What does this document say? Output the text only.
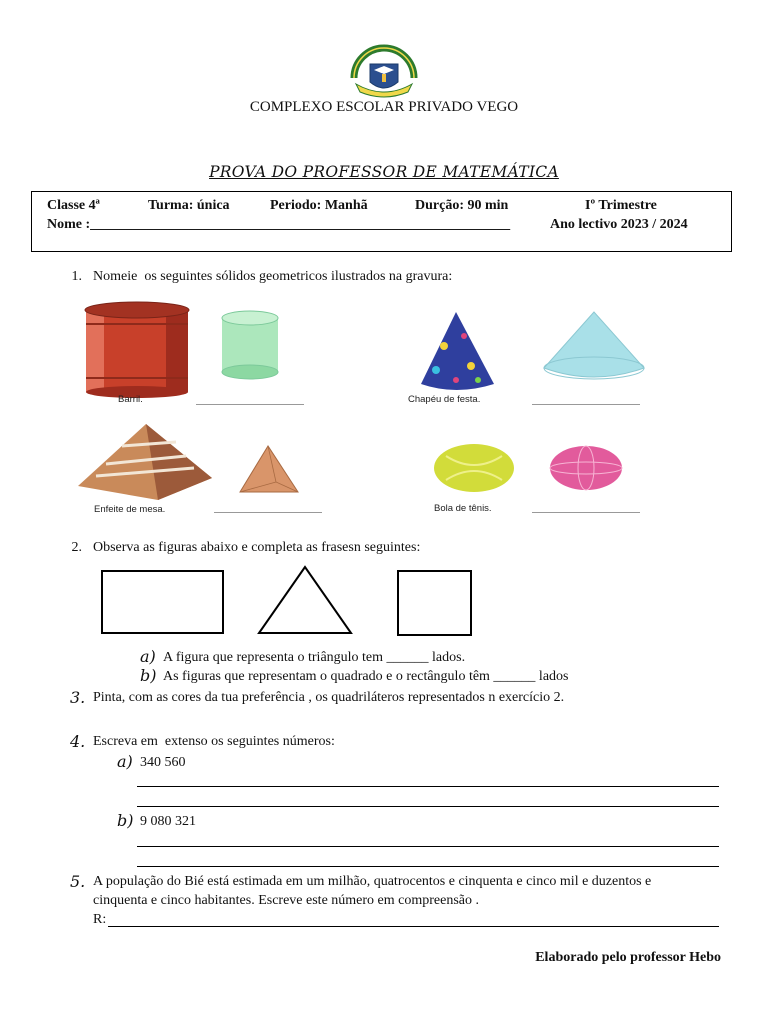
COMPLEXO ESCOLAR PRIVADO VEGO
PROVA DO PROFESSOR DE MATEMÁTICA
Classe 4ª	Turma: única	Periodo: Manhã	Durção: 90 min	Iº Trimestre
Nome :____________________________________________________________	Ano lectivo 2023 / 2024
1. Nomeie  os seguintes sólidos geometricos ilustrados na gravura:
Barril.	Chapéu de festa.
Enfeite de mesa.	Bola de tênis.
2. Observa as figuras abaixo e completa as frasesn seguintes:
a) A figura que representa o triângulo tem ______ lados.
b) As figuras que representam o quadrado e o rectângulo têm ______ lados
3. Pinta, com as cores da tua preferência , os quadriláteros representados n exercício 2.
4. Escreva em  extenso os seguintes números:
a) 340 560
b) 9 080 321
5. A população do Bié está estimada em um milhão, quatrocentos e cinquenta e cinco mil e duzentos e
cinquenta e cinco habitantes. Escreve este número em compreensão .
R:
Elaborado pelo professor Hebo
